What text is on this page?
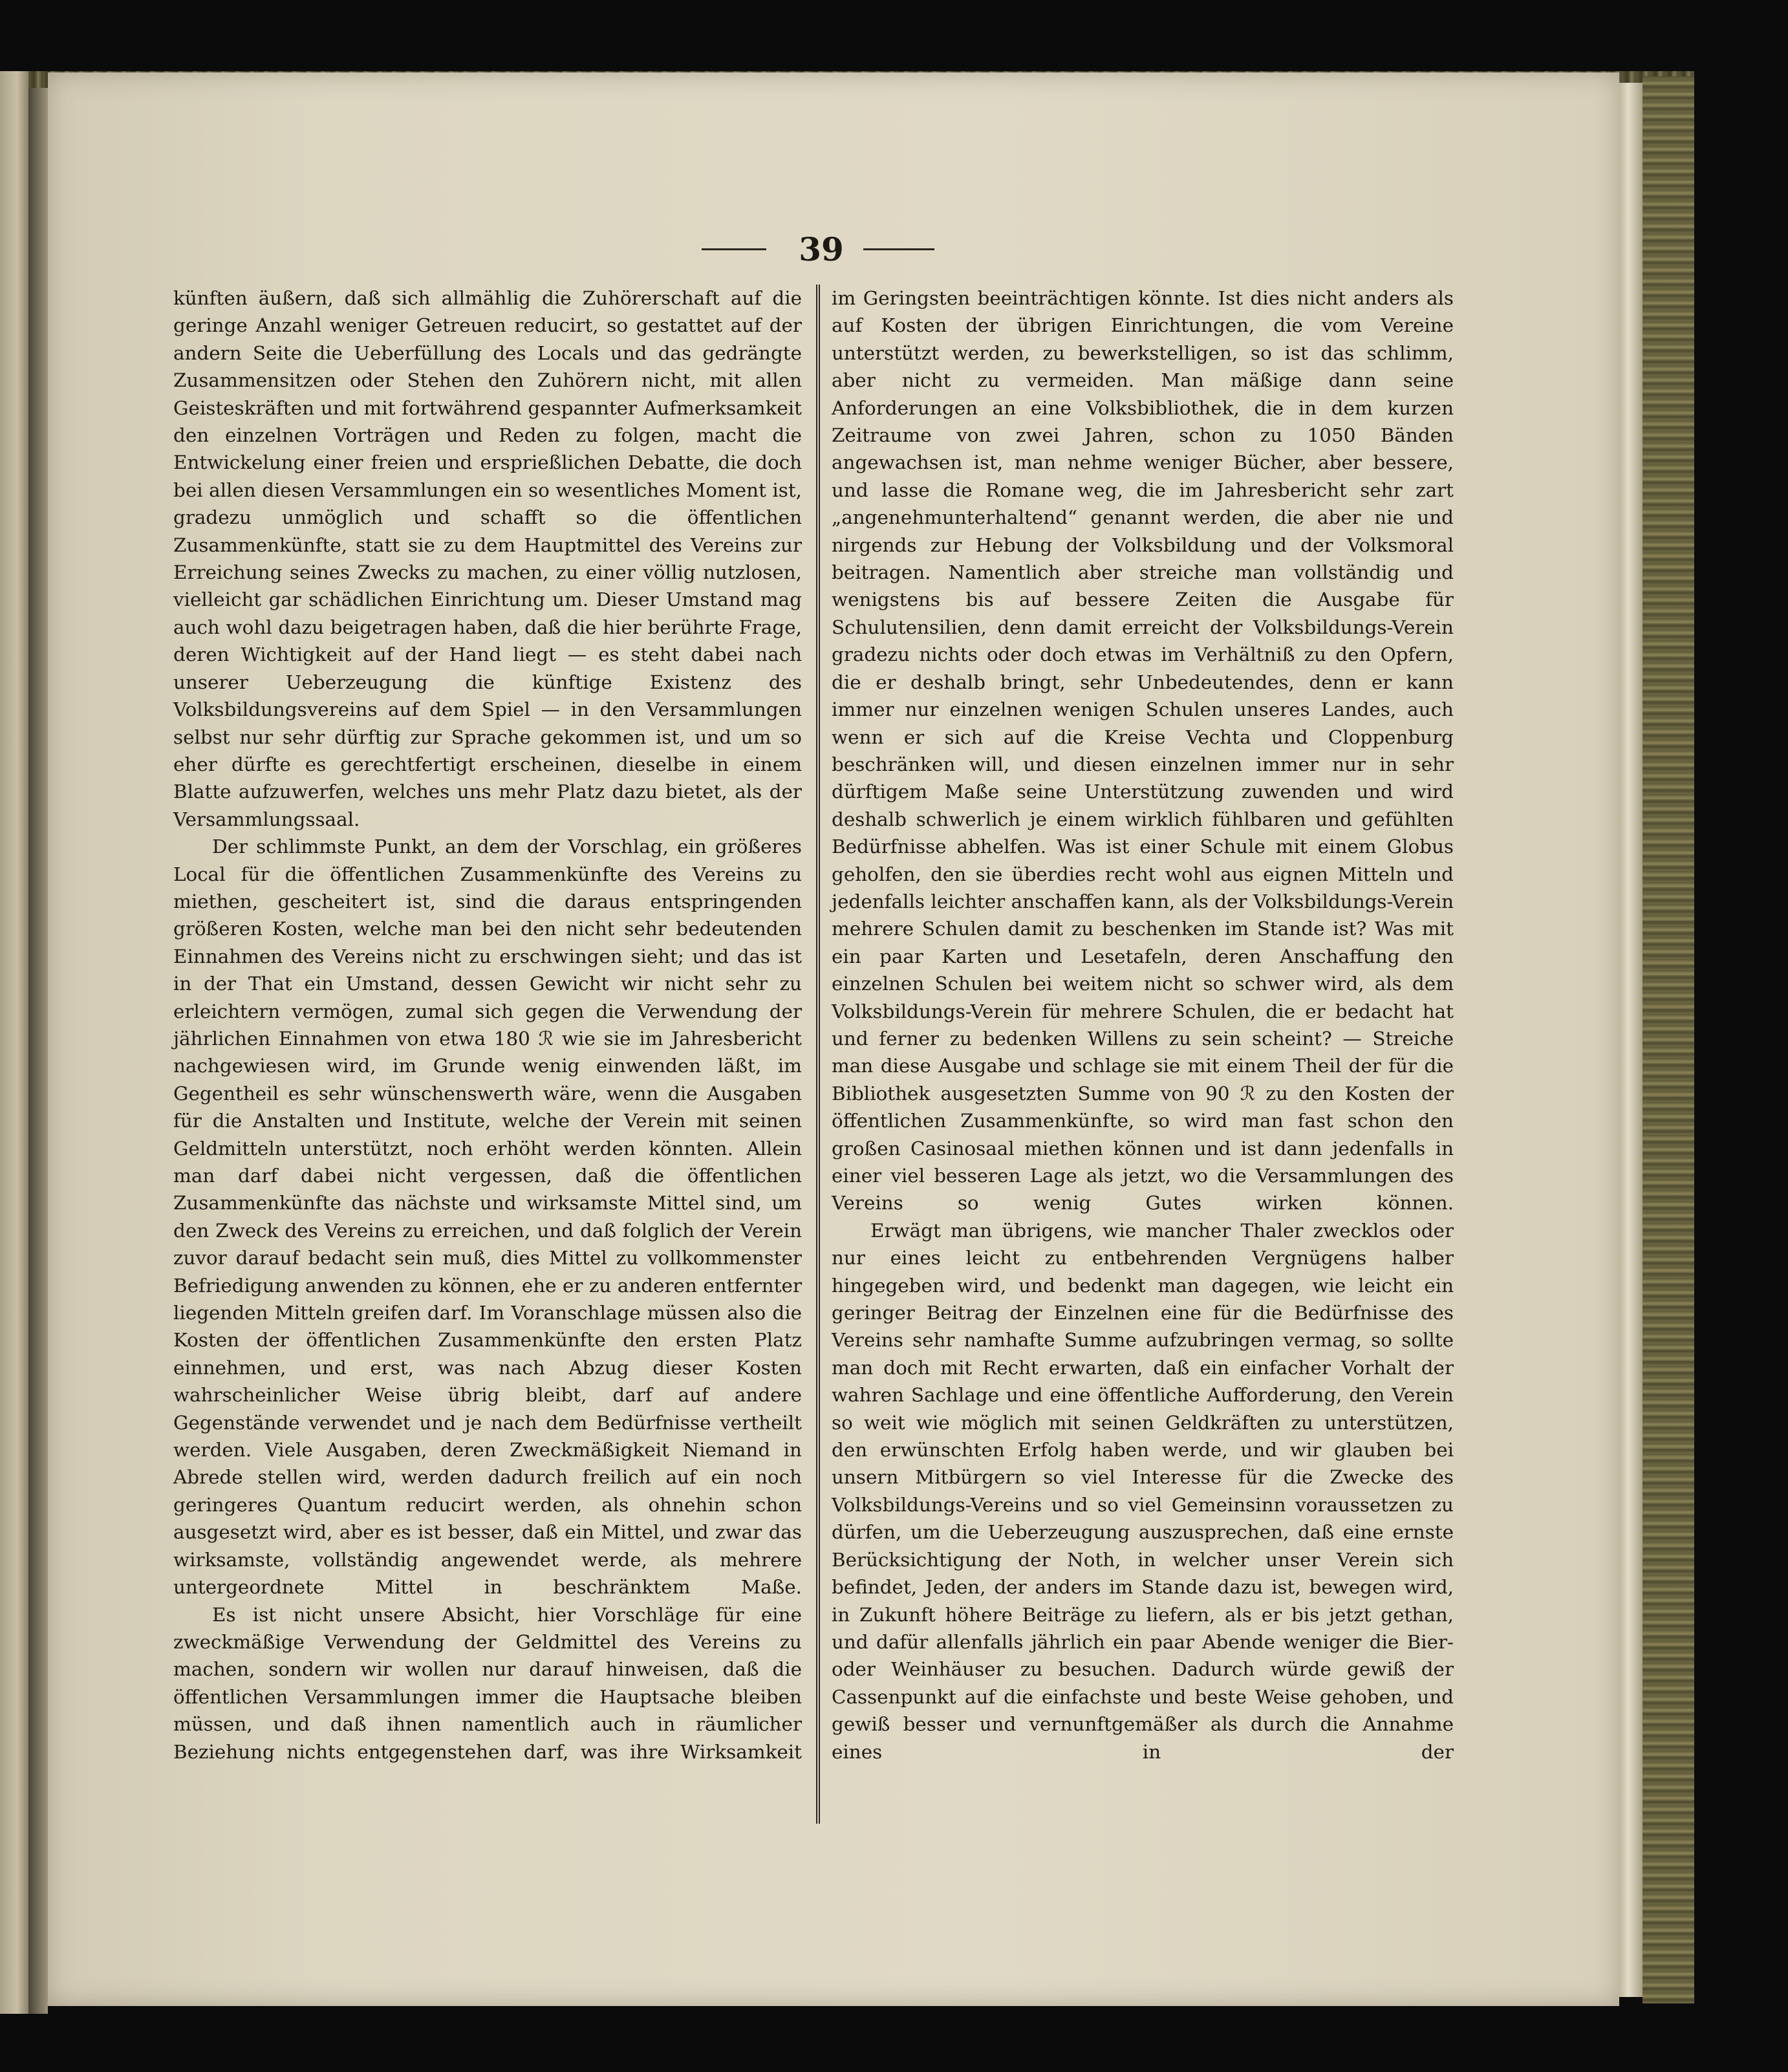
39

künften äußern, daß sich allmählig die Zuhörerschaft auf die geringe Anzahl weniger Getreuen reducirt, so gestattet auf der andern Seite die Ueberfüllung des Locals und das gedrängte Zusammensitzen oder Stehen den Zuhörern nicht, mit allen Geisteskräften und mit fortwährend gespannter Aufmerksamkeit den einzelnen Vorträgen und Reden zu folgen, macht die Entwickelung einer freien und ersprießlichen Debatte, die doch bei allen diesen Versammlungen ein so wesentliches Moment ist, gradezu unmöglich und schafft so die öffentlichen Zusammenkünfte, statt sie zu dem Hauptmittel des Vereins zur Erreichung seines Zwecks zu machen, zu einer völlig nutzlosen, vielleicht gar schädlichen Einrichtung um. Dieser Umstand mag auch wohl dazu beigetragen haben, daß die hier berührte Frage, deren Wichtigkeit auf der Hand liegt — es steht dabei nach unserer Ueberzeugung die künftige Existenz des Volksbildungsvereins auf dem Spiel — in den Versammlungen selbst nur sehr dürftig zur Sprache gekommen ist, und um so eher dürfte es gerechtfertigt erscheinen, dieselbe in einem Blatte aufzuwerfen, welches uns mehr Platz dazu bietet, als der Versammlungssaal.

Der schlimmste Punkt, an dem der Vorschlag, ein größeres Local für die öffentlichen Zusammenkünfte des Vereins zu miethen, gescheitert ist, sind die daraus entspringenden größeren Kosten, welche man bei den nicht sehr bedeutenden Einnahmen des Vereins nicht zu erschwingen sieht; und das ist in der That ein Umstand, dessen Gewicht wir nicht sehr zu erleichtern vermögen, zumal sich gegen die Verwendung der jährlichen Einnahmen von etwa 180 ℛ wie sie im Jahresbericht nachgewiesen wird, im Grunde wenig einwenden läßt, im Gegentheil es sehr wünschenswerth wäre, wenn die Ausgaben für die Anstalten und Institute, welche der Verein mit seinen Geldmitteln unterstützt, noch erhöht werden könnten. Allein man darf dabei nicht vergessen, daß die öffentlichen Zusammenkünfte das nächste und wirksamste Mittel sind, um den Zweck des Vereins zu erreichen, und daß folglich der Verein zuvor darauf bedacht sein muß, dies Mittel zu vollkommenster Befriedigung anwenden zu können, ehe er zu anderen entfernter liegenden Mitteln greifen darf. Im Voranschlage müssen also die Kosten der öffentlichen Zusammenkünfte den ersten Platz einnehmen, und erst, was nach Abzug dieser Kosten wahrscheinlicher Weise übrig bleibt, darf auf andere Gegenstände verwendet und je nach dem Bedürfnisse vertheilt werden. Viele Ausgaben, deren Zweckmäßigkeit Niemand in Abrede stellen wird, werden dadurch freilich auf ein noch geringeres Quantum reducirt werden, als ohnehin schon ausgesetzt wird, aber es ist besser, daß ein Mittel, und zwar das wirksamste, vollständig angewendet werde, als mehrere untergeordnete Mittel in beschränktem Maße.

Es ist nicht unsere Absicht, hier Vorschläge für eine zweckmäßige Verwendung der Geldmittel des Vereins zu machen, sondern wir wollen nur darauf hinweisen, daß die öffentlichen Versammlungen immer die Hauptsache bleiben müssen, und daß ihnen namentlich auch in räumlicher Beziehung nichts entgegenstehen darf, was ihre Wirksamkeit

im Geringsten beeinträchtigen könnte. Ist dies nicht anders als auf Kosten der übrigen Einrichtungen, die vom Vereine unterstützt werden, zu bewerkstelligen, so ist das schlimm, aber nicht zu vermeiden. Man mäßige dann seine Anforderungen an eine Volksbibliothek, die in dem kurzen Zeitraume von zwei Jahren, schon zu 1050 Bänden angewachsen ist, man nehme weniger Bücher, aber bessere, und lasse die Romane weg, die im Jahresbericht sehr zart „angenehmunterhaltend“ genannt werden, die aber nie und nirgends zur Hebung der Volksbildung und der Volksmoral beitragen. Namentlich aber streiche man vollständig und wenigstens bis auf bessere Zeiten die Ausgabe für Schulutensilien, denn damit erreicht der Volksbildungs-Verein gradezu nichts oder doch etwas im Verhältniß zu den Opfern, die er deshalb bringt, sehr Unbedeutendes, denn er kann immer nur einzelnen wenigen Schulen unseres Landes, auch wenn er sich auf die Kreise Vechta und Cloppenburg beschränken will, und diesen einzelnen immer nur in sehr dürftigem Maße seine Unterstützung zuwenden und wird deshalb schwerlich je einem wirklich fühlbaren und gefühlten Bedürfnisse abhelfen. Was ist einer Schule mit einem Globus geholfen, den sie überdies recht wohl aus eignen Mitteln und jedenfalls leichter anschaffen kann, als der Volksbildungs-Verein mehrere Schulen damit zu beschenken im Stande ist? Was mit ein paar Karten und Lesetafeln, deren Anschaffung den einzelnen Schulen bei weitem nicht so schwer wird, als dem Volksbildungs-Verein für mehrere Schulen, die er bedacht hat und ferner zu bedenken Willens zu sein scheint? — Streiche man diese Ausgabe und schlage sie mit einem Theil der für die Bibliothek ausgesetzten Summe von 90 ℛ zu den Kosten der öffentlichen Zusammenkünfte, so wird man fast schon den großen Casinosaal miethen können und ist dann jedenfalls in einer viel besseren Lage als jetzt, wo die Versammlungen des Vereins so wenig Gutes wirken können.

Erwägt man übrigens, wie mancher Thaler zwecklos oder nur eines leicht zu entbehrenden Vergnügens halber hingegeben wird, und bedenkt man dagegen, wie leicht ein geringer Beitrag der Einzelnen eine für die Bedürfnisse des Vereins sehr namhafte Summe aufzubringen vermag, so sollte man doch mit Recht erwarten, daß ein einfacher Vorhalt der wahren Sachlage und eine öffentliche Aufforderung, den Verein so weit wie möglich mit seinen Geldkräften zu unterstützen, den erwünschten Erfolg haben werde, und wir glauben bei unsern Mitbürgern so viel Interesse für die Zwecke des Volksbildungs-Vereins und so viel Gemeinsinn voraussetzen zu dürfen, um die Ueberzeugung auszusprechen, daß eine ernste Berücksichtigung der Noth, in welcher unser Verein sich befindet, Jeden, der anders im Stande dazu ist, bewegen wird, in Zukunft höhere Beiträge zu liefern, als er bis jetzt gethan, und dafür allenfalls jährlich ein paar Abende weniger die Bier- oder Weinhäuser zu besuchen. Dadurch würde gewiß der Cassenpunkt auf die einfachste und beste Weise gehoben, und gewiß besser und vernunftgemäßer als durch die Annahme eines in der
